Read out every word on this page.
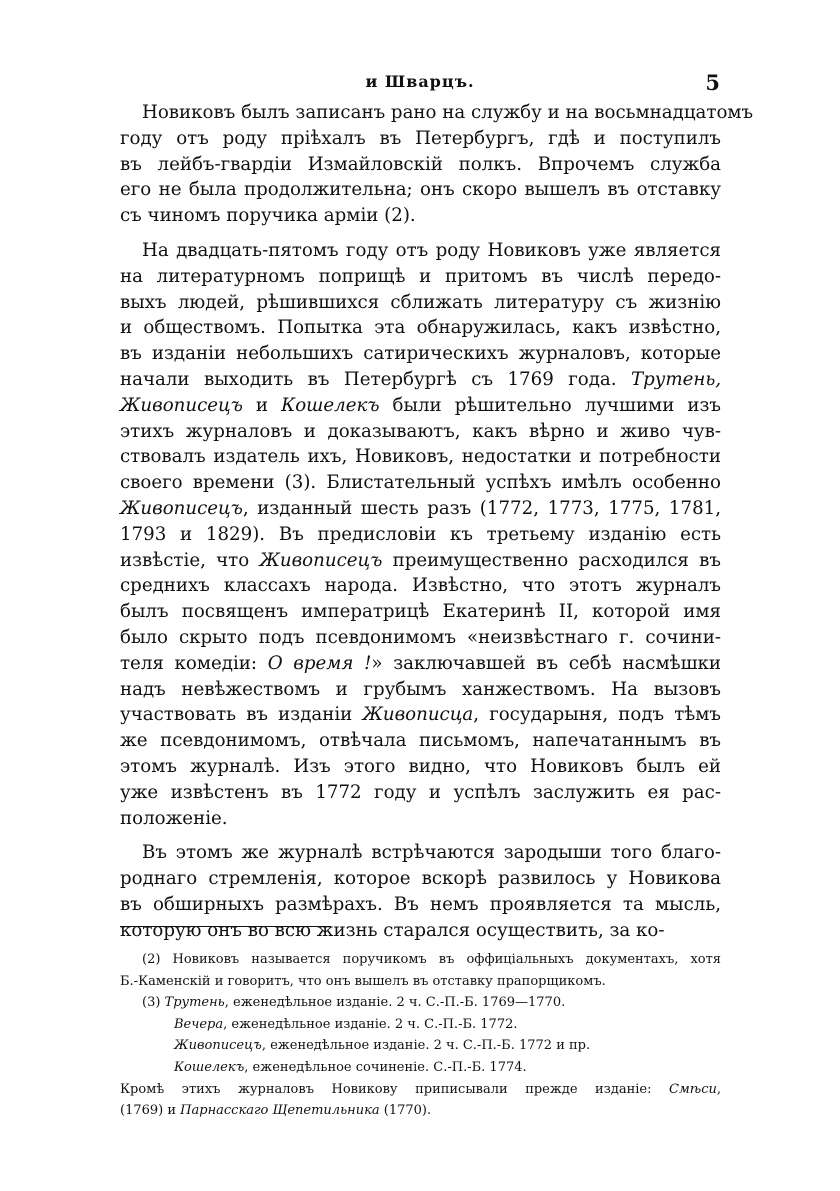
и Шварцъ.	5
Новиковъ былъ записанъ рано на службу и на восьмнадцатомъ
году отъ роду пріѣхалъ въ Петербургъ, гдѣ и поступилъ
въ лейбъ-гвардіи Измайловскій полкъ. Впрочемъ служба
его не была продолжительна; онъ скоро вышелъ въ отставку
съ чиномъ поручика арміи (2).
На двадцать-пятомъ году отъ роду Новиковъ уже является
на литературномъ поприщѣ и притомъ въ числѣ передо-
выхъ людей, рѣшившихся сближать литературу съ жизнію
и обществомъ. Попытка эта обнаружилась, какъ извѣстно,
въ изданіи небольшихъ сатирическихъ журналовъ, которые
начали выходить въ Петербургѣ съ 1769 года. Трутень,
Живописецъ и Кошелекъ были рѣшительно лучшими изъ
этихъ журналовъ и доказываютъ, какъ вѣрно и живо чув-
ствовалъ издатель ихъ, Новиковъ, недостатки и потребности
своего времени (3). Блистательный успѣхъ имѣлъ особенно
Живописецъ, изданный шесть разъ (1772, 1773, 1775, 1781,
1793 и 1829). Въ предисловіи къ третьему изданію есть
извѣстіе, что Живописецъ преимущественно расходился въ
среднихъ классахъ народа. Извѣстно, что этотъ журналъ
былъ посвященъ императрицѣ Екатеринѣ II, которой имя
было скрыто подъ псевдонимомъ «неизвѣстнаго г. сочини-
теля комедіи: О время !» заключавшей въ себѣ насмѣшки
надъ невѣжествомъ и грубымъ ханжествомъ. На вызовъ
участвовать въ изданіи Живописца, государыня, подъ тѣмъ
же псевдонимомъ, отвѣчала письмомъ, напечатаннымъ въ
этомъ журналѣ. Изъ этого видно, что Новиковъ былъ ей
уже извѣстенъ въ 1772 году и успѣлъ заслужить ея рас-
положеніе.
Въ этомъ же журналѣ встрѣчаются зародыши того благо-
роднаго стремленія, которое вскорѣ развилось у Новикова
въ обширныхъ размѣрахъ. Въ немъ проявляется та мысль,
которую онъ во всю жизнь старался осуществить, за ко-
(2) Новиковъ называется поручикомъ въ оффиціальныхъ документахъ, хотя
Б.-Каменскій и говоритъ, что онъ вышелъ въ отставку прапорщикомъ.
(3) Трутень, еженедѣльное изданіе. 2 ч. С.-П.-Б. 1769—1770.
Вечера, еженедѣльное изданіе. 2 ч. С.-П.-Б. 1772.
Живописецъ, еженедѣльное изданіе. 2 ч. С.-П.-Б. 1772 и пр.
Кошелекъ, еженедѣльное сочиненіе. С.-П.-Б. 1774.
Кромѣ этихъ журналовъ Новикову приписывали прежде изданіе: Смѣси,
(1769) и Парнасскаго Щепетильника (1770).
